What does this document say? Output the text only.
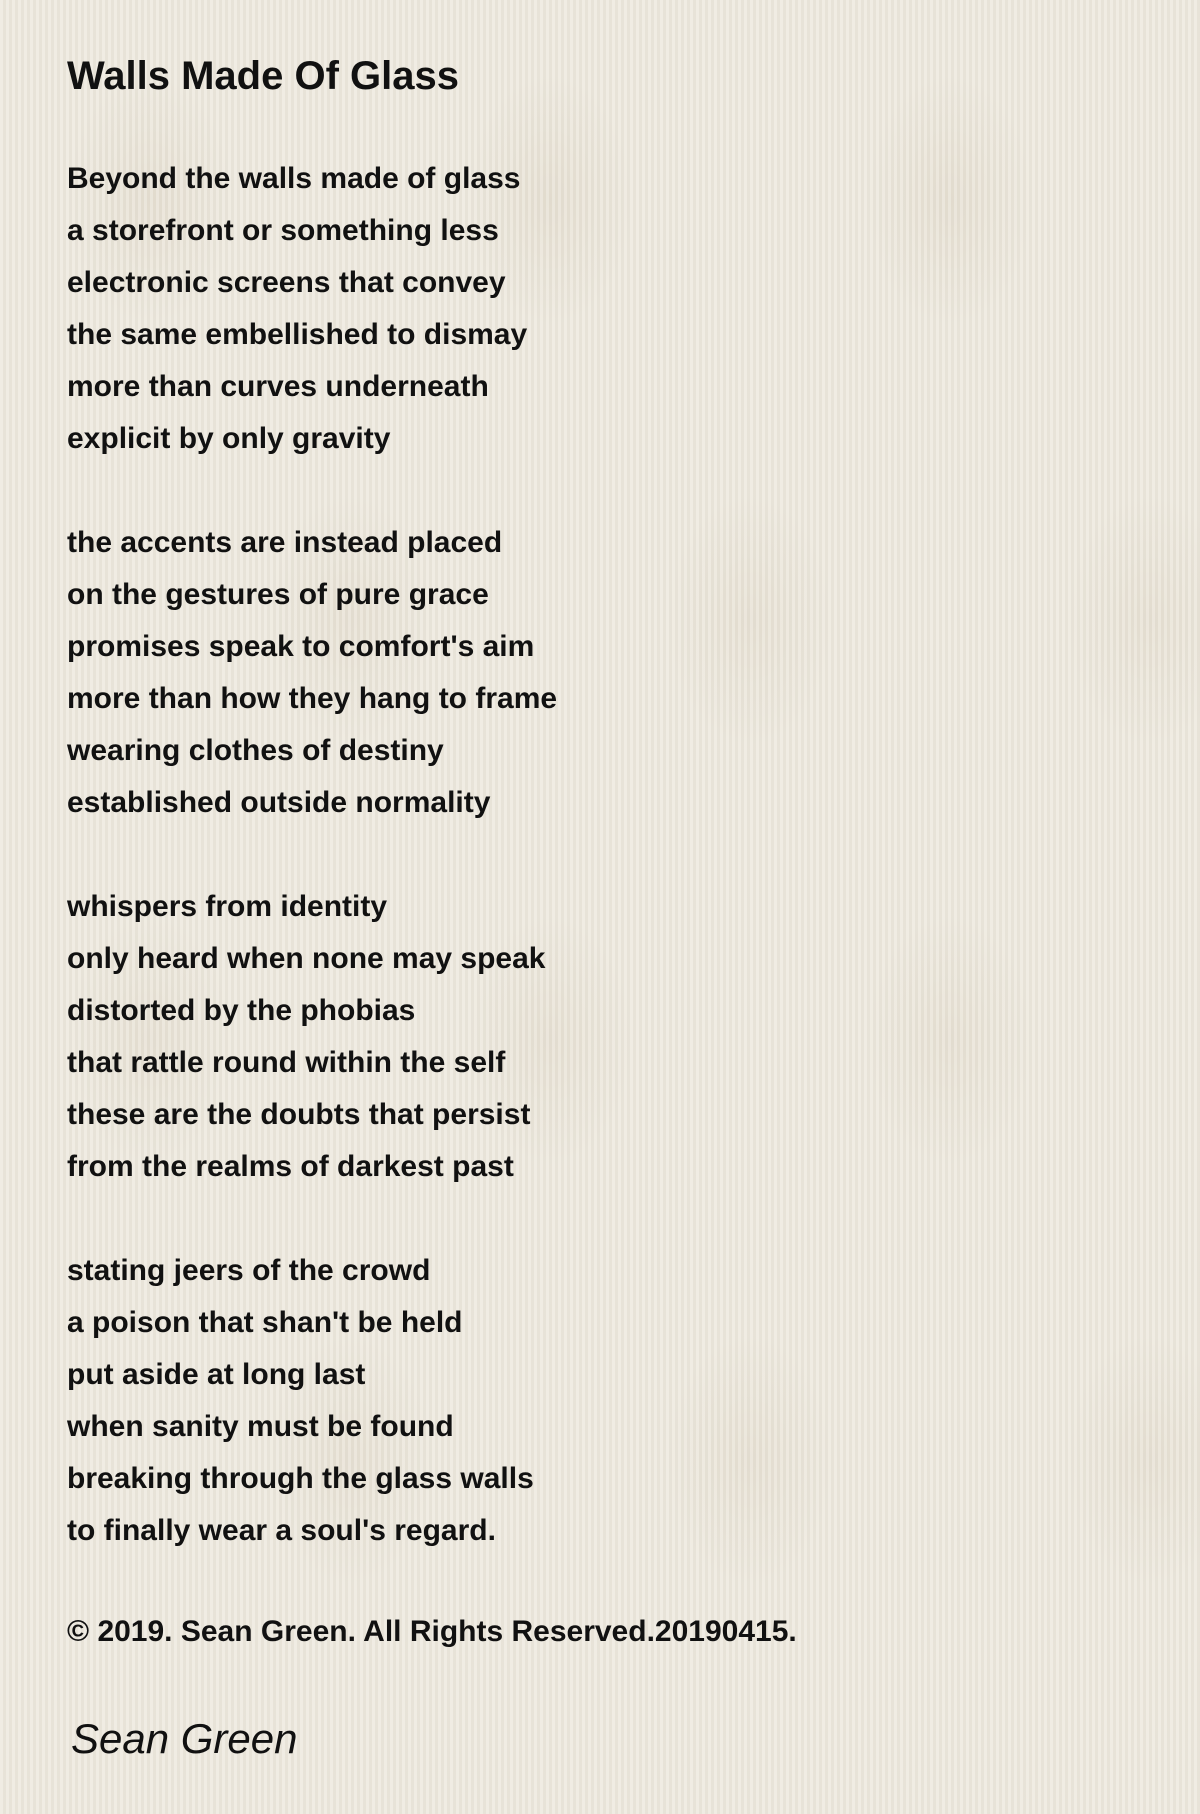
Walls Made Of Glass
Beyond the walls made of glass
a storefront or something less
electronic screens that convey
the same embellished to dismay
more than curves underneath
explicit by only gravity
the accents are instead placed
on the gestures of pure grace
promises speak to comfort's aim
more than how they hang to frame
wearing clothes of destiny
established outside normality
whispers from identity
only heard when none may speak
distorted by the phobias
that rattle round within the self
these are the doubts that persist
from the realms of darkest past
stating jeers of the crowd
a poison that shan't be held
put aside at long last
when sanity must be found
breaking through the glass walls
to finally wear a soul's regard.
© 2019. Sean Green. All Rights Reserved.20190415.
Sean Green
